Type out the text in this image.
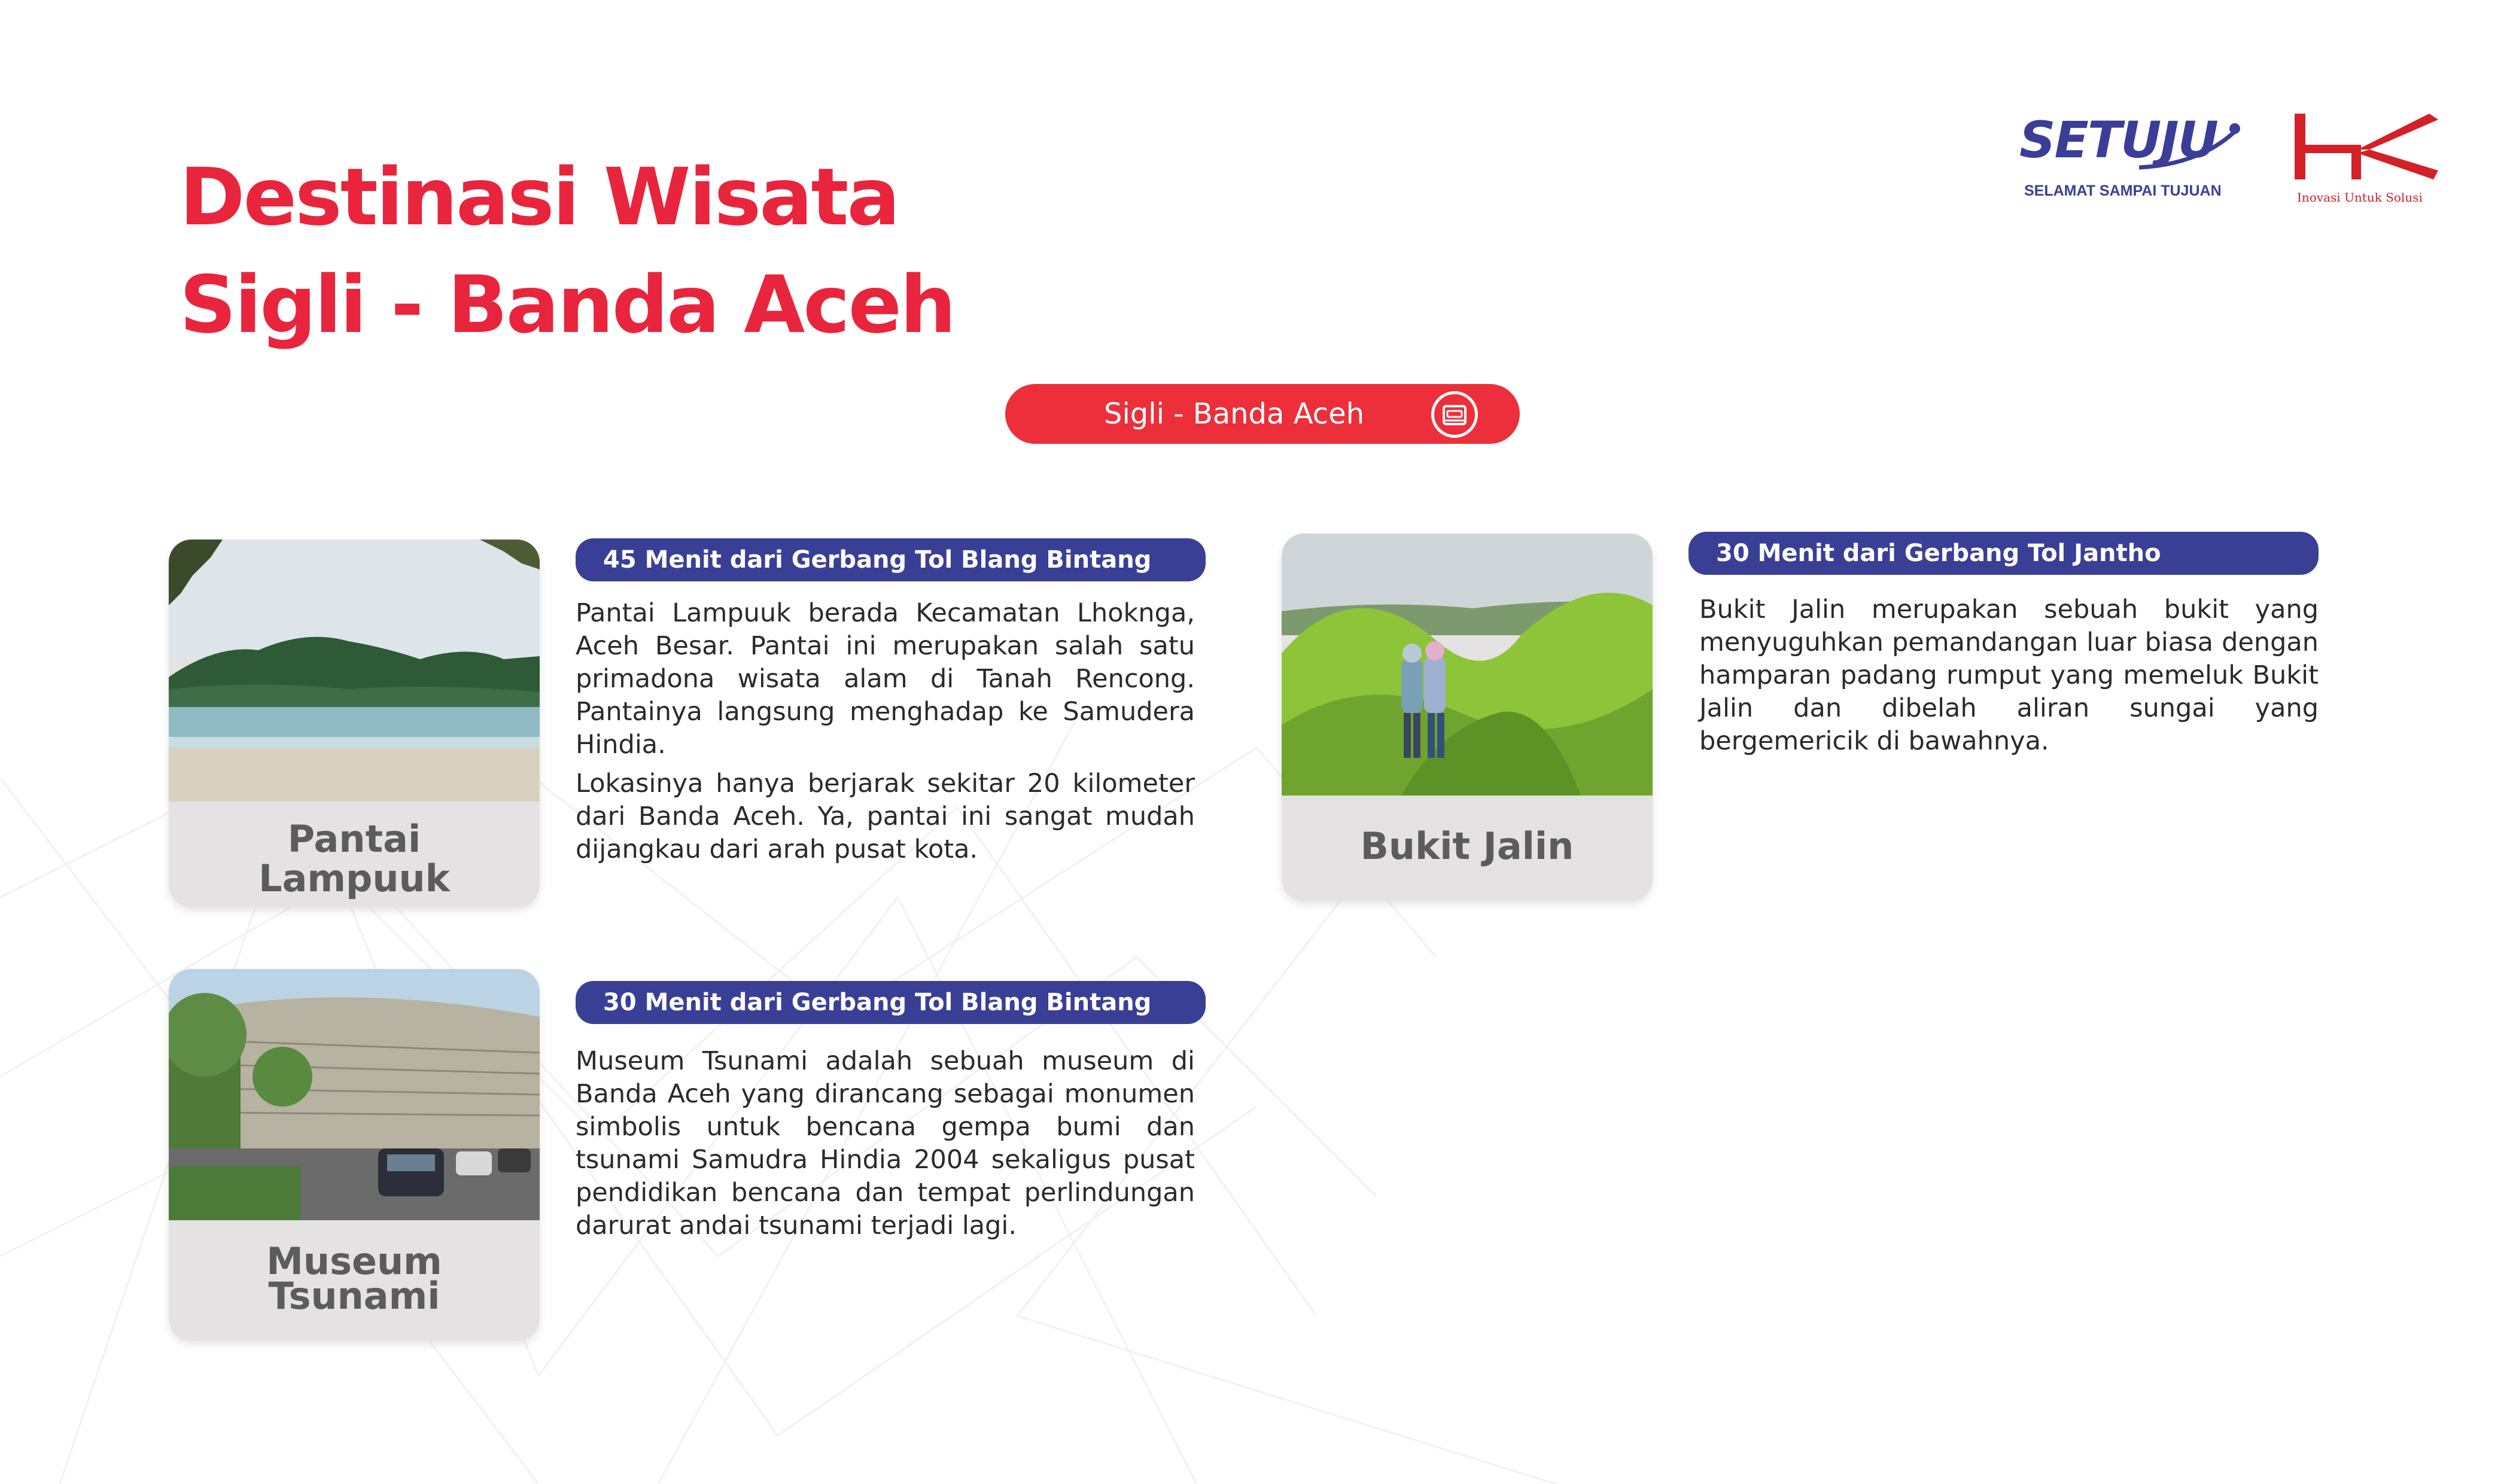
Destinasi Wisata
Sigli - Banda Aceh
SETUJU
SELAMAT SAMPAI TUJUAN	Inovasi Untuk Solusi
Sigli - Banda Aceh
Pantai
Lampuuk
45 Menit dari Gerbang Tol Blang Bintang

Pantai Lampuuk berada Kecamatan Lhoknga, Aceh Besar. Pantai ini merupakan salah satu primadona wisata alam di Tanah Rencong. Pantainya langsung menghadap ke Samudera Hindia.

Lokasinya hanya berjarak sekitar 20 kilometer dari Banda Aceh. Ya, pantai ini sangat mudah dijangkau dari arah pusat kota.	Bukit Jalin
30 Menit dari Gerbang Tol Jantho

Bukit Jalin merupakan sebuah bukit yang menyuguhkan pemandangan luar biasa dengan hamparan padang rumput yang memeluk Bukit Jalin dan dibelah aliran sungai yang bergemericik di bawahnya.

Museum
Tsunami
30 Menit dari Gerbang Tol Blang Bintang

Museum Tsunami adalah sebuah museum di Banda Aceh yang dirancang sebagai monumen simbolis untuk bencana gempa bumi dan tsunami Samudra Hindia 2004 sekaligus pusat pendidikan bencana dan tempat perlindungan darurat andai tsunami terjadi lagi.
